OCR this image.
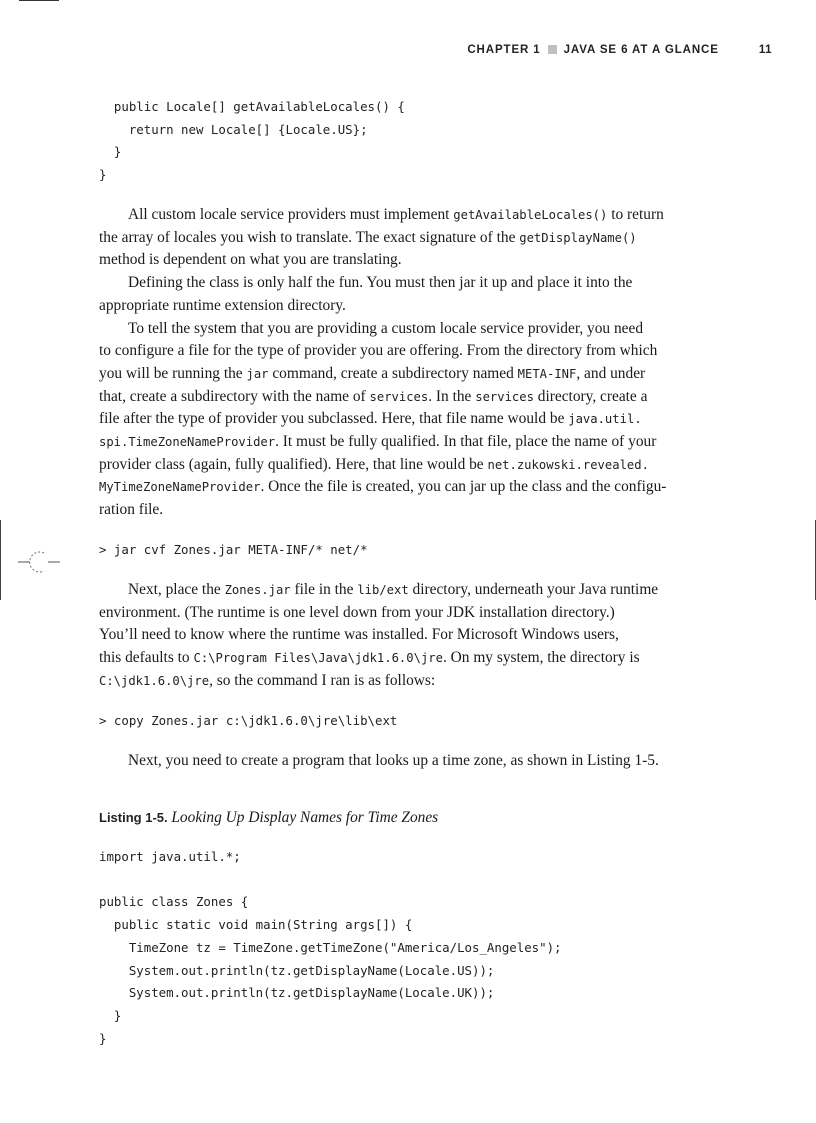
CHAPTER 1 JAVA SE 6 AT A GLANCE	11
public Locale[] getAvailableLocales() {
return new Locale[] {Locale.US};
}
}
All custom locale service providers must implement getAvailableLocales() to return
the array of locales you wish to translate. The exact signature of the getDisplayName()
method is dependent on what you are translating.
Defining the class is only half the fun. You must then jar it up and place it into the
appropriate runtime extension directory.
To tell the system that you are providing a custom locale service provider, you need
to configure a file for the type of provider you are offering. From the directory from which
you will be running the jar command, create a subdirectory named META-INF, and under
that, create a subdirectory with the name of services. In the services directory, create a
file after the type of provider you subclassed. Here, that file name would be java.util.
spi.TimeZoneNameProvider. It must be fully qualified. In that file, place the name of your
provider class (again, fully qualified). Here, that line would be net.zukowski.revealed.
MyTimeZoneNameProvider. Once the file is created, you can jar up the class and the configu-
ration file.
> jar cvf Zones.jar META-INF/* net/*
Next, place the Zones.jar file in the lib/ext directory, underneath your Java runtime
environment. (The runtime is one level down from your JDK installation directory.)
You’ll need to know where the runtime was installed. For Microsoft Windows users,
this defaults to C:\Program Files\Java\jdk1.6.0\jre. On my system, the directory is
C:\jdk1.6.0\jre, so the command I ran is as follows:
> copy Zones.jar c:\jdk1.6.0\jre\lib\ext
Next, you need to create a program that looks up a time zone, as shown in Listing 1-5.
Listing 1-5. Looking Up Display Names for Time Zones
import java.util.*;

public class Zones {
public static void main(String args[]) {
TimeZone tz = TimeZone.getTimeZone("America/Los_Angeles");
System.out.println(tz.getDisplayName(Locale.US));
System.out.println(tz.getDisplayName(Locale.UK));
}
}
